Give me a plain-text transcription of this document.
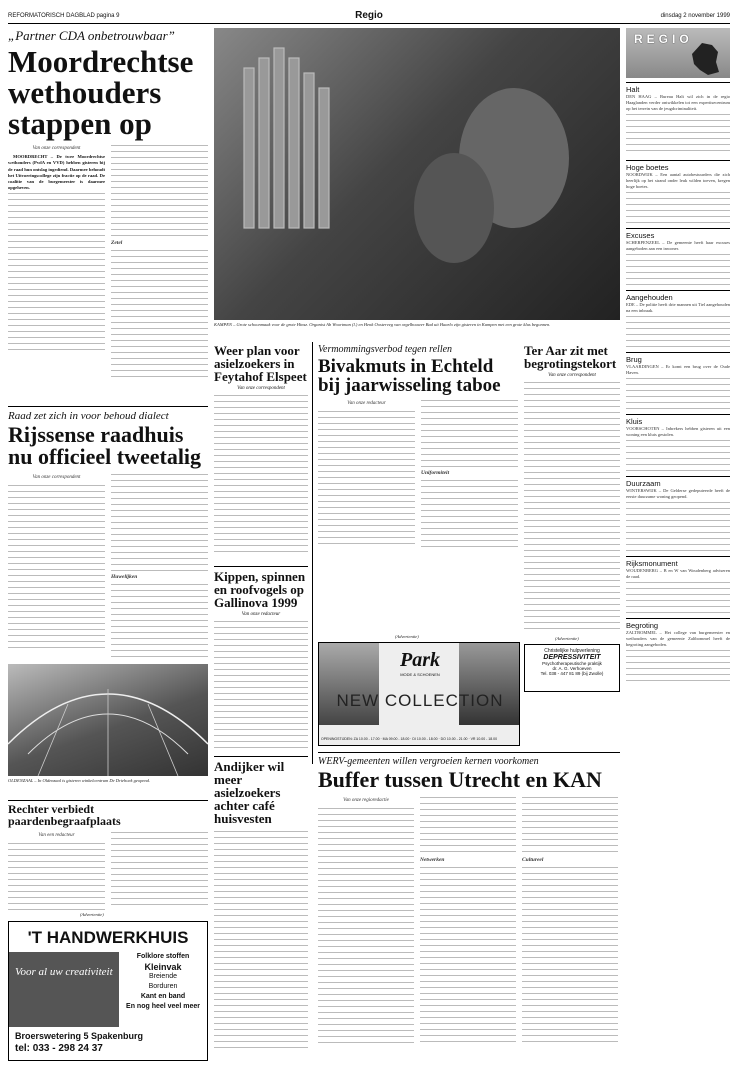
REFORMATORISCH DAGBLAD pagina 9	Regio	dinsdag 2 november 1999
„Partner CDA onbetrouwbaar”
Moordrechtse wethouders stappen op
Van onze correspondent

MOORDRECHT – De twee Moordrechtse wethouders (PvdA en VVD) hebben gisteren bij de raad hun ontslag ingediend. Daarmee behoudt het Uitvoeringscollege zijn fractie op de raad. De coalitie van de burgemeester is daarmee opgeheven.

Zetel
Raad zet zich in voor behoud dialect
Rijssense raadhuis nu officieel tweetalig
Van onze correspondent
Huwelijken
OLDENZAAL – In Oldenzaal is gisteren winkelcentrum De Driehoek geopend.
Rechter verbiedt paardenbegraafplaats
Van een redacteur
(Advertentie)
'T HANDWERKHUIS
Voor al uw creativiteit
Folklore stoffen
Kleinvak
Breiende
Borduren
Kant en band
En nog heel veel meer
Broerswetering 5 Spakenburg
tel: 033 - 298 24 37
KAMPEN – Grote schoonmaak voor de grote Hinsz. Organist Ab Woortman (l.) en Henk Oosterveg van orgelbouwer Bad uit Haarlo zijn gisteren in Kampen met een grote klus begonnen.
Weer plan voor asielzoekers in Feytahof Elspeet
Van onze correspondent
Kippen, spinnen en roofvogels op Gallinova 1999
Van onze redacteur
Andijker wil meer asielzoekers achter café huisvesten
Vermommingsverbod tegen rellen
Bivakmuts in Echteld bij jaarwisseling taboe
Van onze redacteur
Uniformiteit
(Advertentie)
Park
MODE & SCHOENEN
NEW COLLECTION
OPENINGSTIJDEN: ZA 10.00 - 17.00 · MA 09.00 - 18.00 · DI 10.00 - 18.00 · DO 10.00 - 21.00 · VR 10.00 - 18.00
Ter Aar zit met begrotingstekort
Van onze correspondent
(Advertentie)
Christelijke hulpverlening
DEPRESSIVITEIT
Psychotherapeutische praktijk
dr. A. G. Verhoeven
Tel. 038 - 447 81 89 (bij Zwolle)
WERV-gemeenten willen vergroeien kernen voorkomen
Buffer tussen Utrecht en KAN
Van onze regioredactie
Netwerken	Cultureel
REGIO
Halt
DEN HAAG – Bureau Halt wil zich in de regio Haaglanden verder ontwikkelen tot een expertisecentrum op het terrein van de jeugdcriminaliteit.
Hoge boetes
NOORDWIJK – Een aantal autobestuurders die zich heerlijk op het strand onder leuk wilden toeven, kregen hoge boetes.
Excuses
SCHERPENZEEL – De gemeente heeft haar excuses aangeboden aan een inwoner.
Aangehouden
EDE – De politie heeft drie mannen uit Tiel aangehouden na een inbraak.
Brug
VLAARDINGEN – Er komt een brug over de Oude Haven.
Kluis
VOORSCHOTEN – Inbrekers hebben gisteren uit een woning een kluis gestolen.
Duurzaam
WINTERSWIJK – De Gelderse gedeputeerde heeft de eerste duurzame woning geopend.
Rijksmonument
WOUDENBERG – B en W van Woudenberg adviseren de raad.
Begroting
ZALTBOMMEL – Het college van burgemeester en wethouders van de gemeente Zaltbommel heeft de begroting aangeboden.
